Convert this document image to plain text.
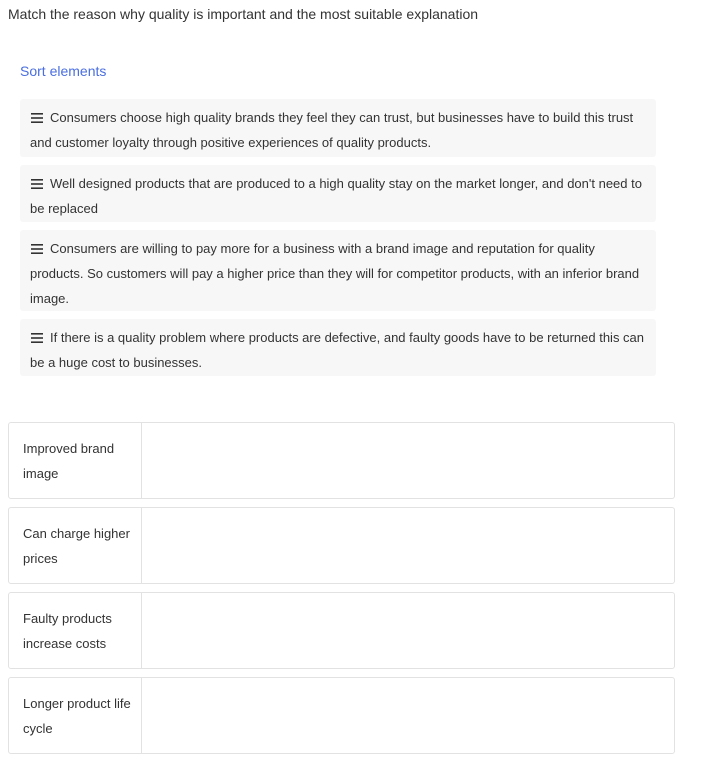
Match the reason why quality is important and the most suitable explanation
Sort elements
Consumers choose high quality brands they feel they can trust, but businesses have to build this trust and customer loyalty through positive experiences of quality products.
Well designed products that are produced to a high quality stay on the market longer, and don't need to be replaced
Consumers are willing to pay more for a business with a brand image and reputation for quality products. So customers will pay a higher price than they will for competitor products, with an inferior brand image.
If there is a quality problem where products are defective, and faulty goods have to be returned this can be a huge cost to businesses.
Improved brand image
Can charge higher prices
Faulty products increase costs
Longer product life cycle
